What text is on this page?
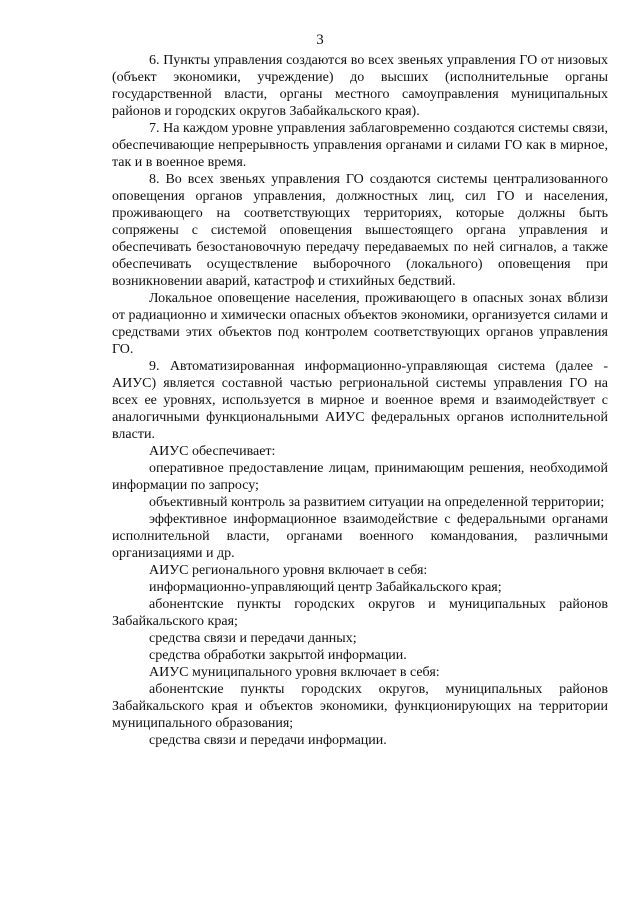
3

6. Пункты управления создаются во всех звеньях управления ГО от низовых (объект экономики, учреждение) до высших (исполнительные органы государственной власти, органы местного самоуправления муниципальных районов и городских округов Забайкальского края).

7. На каждом уровне управления заблаговременно создаются системы связи, обеспечивающие непрерывность управления органами и силами ГО как в мирное, так и в военное время.

8. Во всех звеньях управления ГО создаются системы централизованного оповещения органов управления, должностных лиц, сил ГО и населения, проживающего на соответствующих территориях, которые должны быть сопряжены с системой оповещения вышестоящего органа управления и обеспечивать безостановочную передачу передаваемых по ней сигналов, а также обеспечивать осуществление выборочного (локального) оповещения при возникновении аварий, катастроф и стихийных бедствий.

Локальное оповещение населения, проживающего в опасных зонах вблизи от радиационно и химически опасных объектов экономики, организуется силами и средствами этих объектов под контролем соответствующих органов управления ГО.

9. Автоматизированная информационно-управляющая система (далее - АИУС) является составной частью регриональной системы управления ГО на всех ее уровнях, используется в мирное и военное время и взаимодействует с аналогичными функциональными АИУС федеральных органов исполнительной власти.

АИУС обеспечивает:

оперативное предоставление лицам, принимающим решения, необходимой информации по запросу;

объективный контроль за развитием ситуации на определенной территории;

эффективное информационное взаимодействие с федеральными органами исполнительной власти, органами военного командования, различными организациями и др.

АИУС регионального уровня включает в себя:

информационно-управляющий центр Забайкальского края;

абонентские пункты городских округов и муниципальных районов Забайкальского края;

средства связи и передачи данных;

средства обработки закрытой информации.

АИУС муниципального уровня включает в себя:

абонентские пункты городских округов, муниципальных районов Забайкальского края и объектов экономики, функционирующих на территории муниципального образования;

средства связи и передачи информации.
